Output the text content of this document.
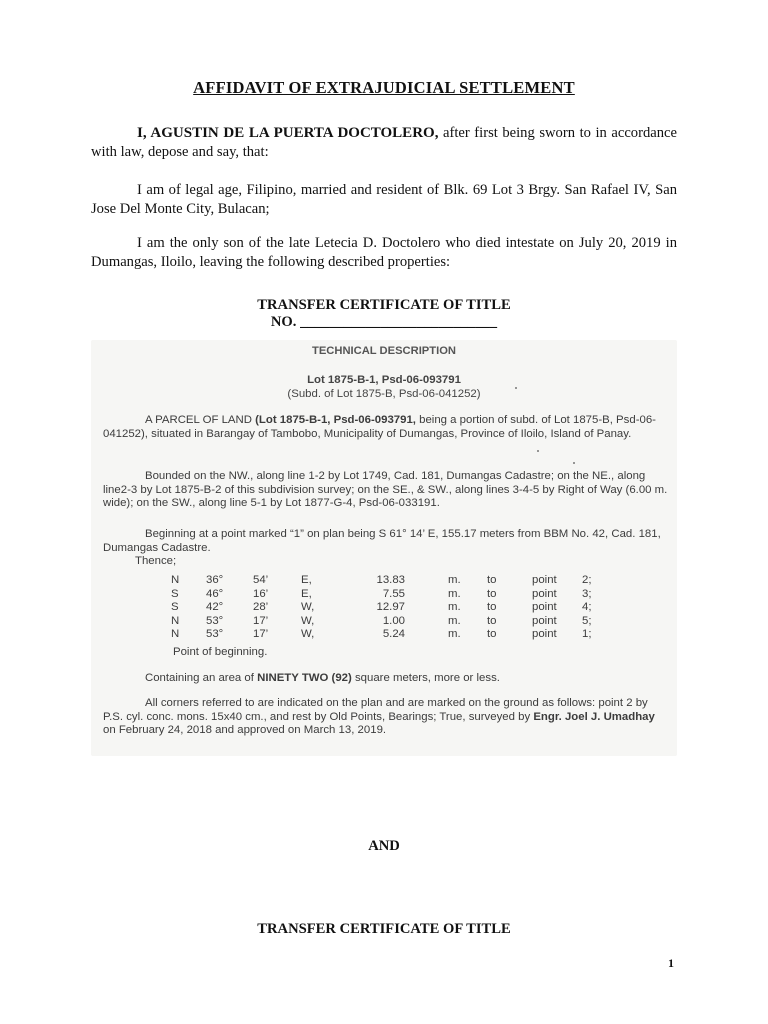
AFFIDAVIT OF EXTRAJUDICIAL SETTLEMENT

I, AGUSTIN DE LA PUERTA DOCTOLERO, after first being sworn to in accordance with law, depose and say, that:

I am of legal age, Filipino, married and resident of Blk. 69 Lot 3 Brgy. San Rafael IV, San Jose Del Monte City, Bulacan;

I am the only son of the late Letecia D. Doctolero who died intestate on July 20, 2019 in Dumangas, Iloilo, leaving the following described properties:

TRANSFER CERTIFICATE OF TITLE
NO. ___________________________
TECHNICAL DESCRIPTION
Lot 1875-B-1, Psd-06-093791
(Subd. of Lot 1875-B, Psd-06-041252)
A PARCEL OF LAND (Lot 1875-B-1, Psd-06-093791, being a portion of subd. of Lot 1875-B, Psd-06-041252), situated in Barangay of Tambobo, Municipality of Dumangas, Province of Iloilo, Island of Panay.
Bounded on the NW., along line 1-2 by Lot 1749, Cad. 181, Dumangas Cadastre; on the NE., along line2-3 by Lot 1875-B-2 of this subdivision survey; on the SE., & SW., along lines 3-4-5 by Right of Way (6.00 m. wide); on the SW., along line 5-1 by Lot 1877-G-4, Psd-06-033191.
Beginning at a point marked “1” on plan being S 61° 14’ E, 155.17 meters from BBM No. 42, Cad. 181, Dumangas Cadastre.
Thence;
N 36°	54’	E,	13.83	m. to	point 2;
S 46°	16’	E,	7.55	m. to	point 3;
S 42°	28’	W,	12.97	m. to	point 4;
N 53°	17’	W,	1.00	m. to	point 5;
N 53°	17’	W,	5.24	m. to	point 1;
Point of beginning.
Containing an area of NINETY TWO (92) square meters, more or less.
All corners referred to are indicated on the plan and are marked on the ground as follows: point 2 by P.S. cyl. conc. mons. 15x40 cm., and rest by Old Points, Bearings; True, surveyed by Engr. Joel J. Umadhay on February 24, 2018 and approved on March 13, 2019.
AND
TRANSFER CERTIFICATE OF TITLE
1
